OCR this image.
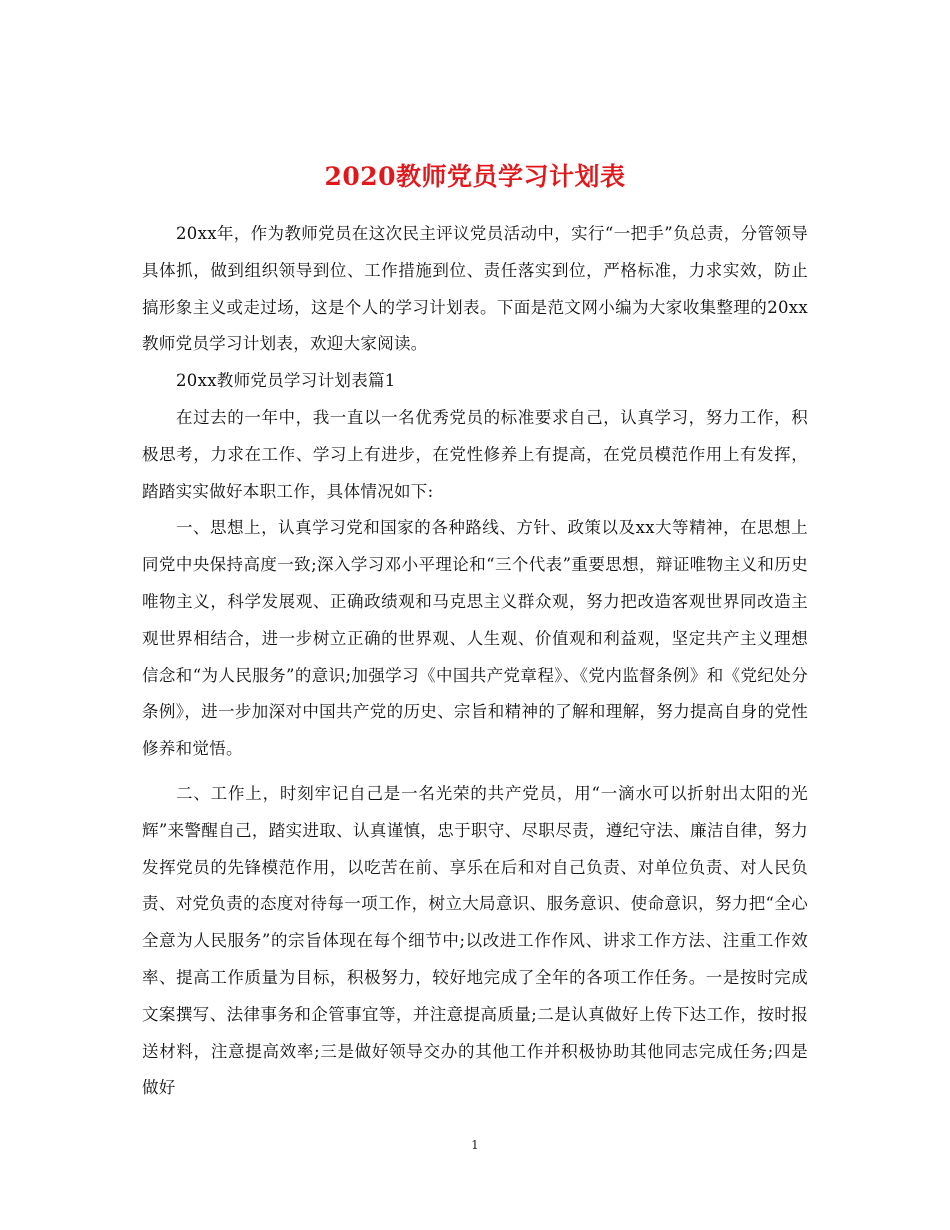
2020教师党员学习计划表

20xx年，作为教师党员在这次民主评议党员活动中，实行“一把手”负总责，分管领导具体抓，做到组织领导到位、工作措施到位、责任落实到位，严格标准，力求实效，防止搞形象主义或走过场，这是个人的学习计划表。下面是范文网小编为大家收集整理的20xx教师党员学习计划表，欢迎大家阅读。

20xx教师党员学习计划表篇1

在过去的一年中，我一直以一名优秀党员的标准要求自己，认真学习，努力工作，积极思考，力求在工作、学习上有进步，在党性修养上有提高，在党员模范作用上有发挥，踏踏实实做好本职工作，具体情况如下:

一、思想上，认真学习党和国家的各种路线、方针、政策以及xx大等精神，在思想上同党中央保持高度一致;深入学习邓小平理论和“三个代表”重要思想，辩证唯物主义和历史唯物主义，科学发展观、正确政绩观和马克思主义群众观，努力把改造客观世界同改造主观世界相结合，进一步树立正确的世界观、人生观、价值观和利益观，坚定共产主义理想信念和“为人民服务”的意识;加强学习《中国共产党章程》、《党内监督条例》和《党纪处分条例》，进一步加深对中国共产党的历史、宗旨和精神的了解和理解，努力提高自身的党性修养和觉悟。

二、工作上，时刻牢记自己是一名光荣的共产党员，用“一滴水可以折射出太阳的光辉”来警醒自己，踏实进取、认真谨慎，忠于职守、尽职尽责，遵纪守法、廉洁自律，努力发挥党员的先锋模范作用，以吃苦在前、享乐在后和对自己负责、对单位负责、对人民负责、对党负责的态度对待每一项工作，树立大局意识、服务意识、使命意识，努力把“全心全意为人民服务”的宗旨体现在每个细节中;以改进工作作风、讲求工作方法、注重工作效率、提高工作质量为目标，积极努力，较好地完成了全年的各项工作任务。一是按时完成文案撰写、法律事务和企管事宜等，并注意提高质量;二是认真做好上传下达工作，按时报送材料，注意提高效率;三是做好领导交办的其他工作并积极协助其他同志完成任务;四是做好

1
